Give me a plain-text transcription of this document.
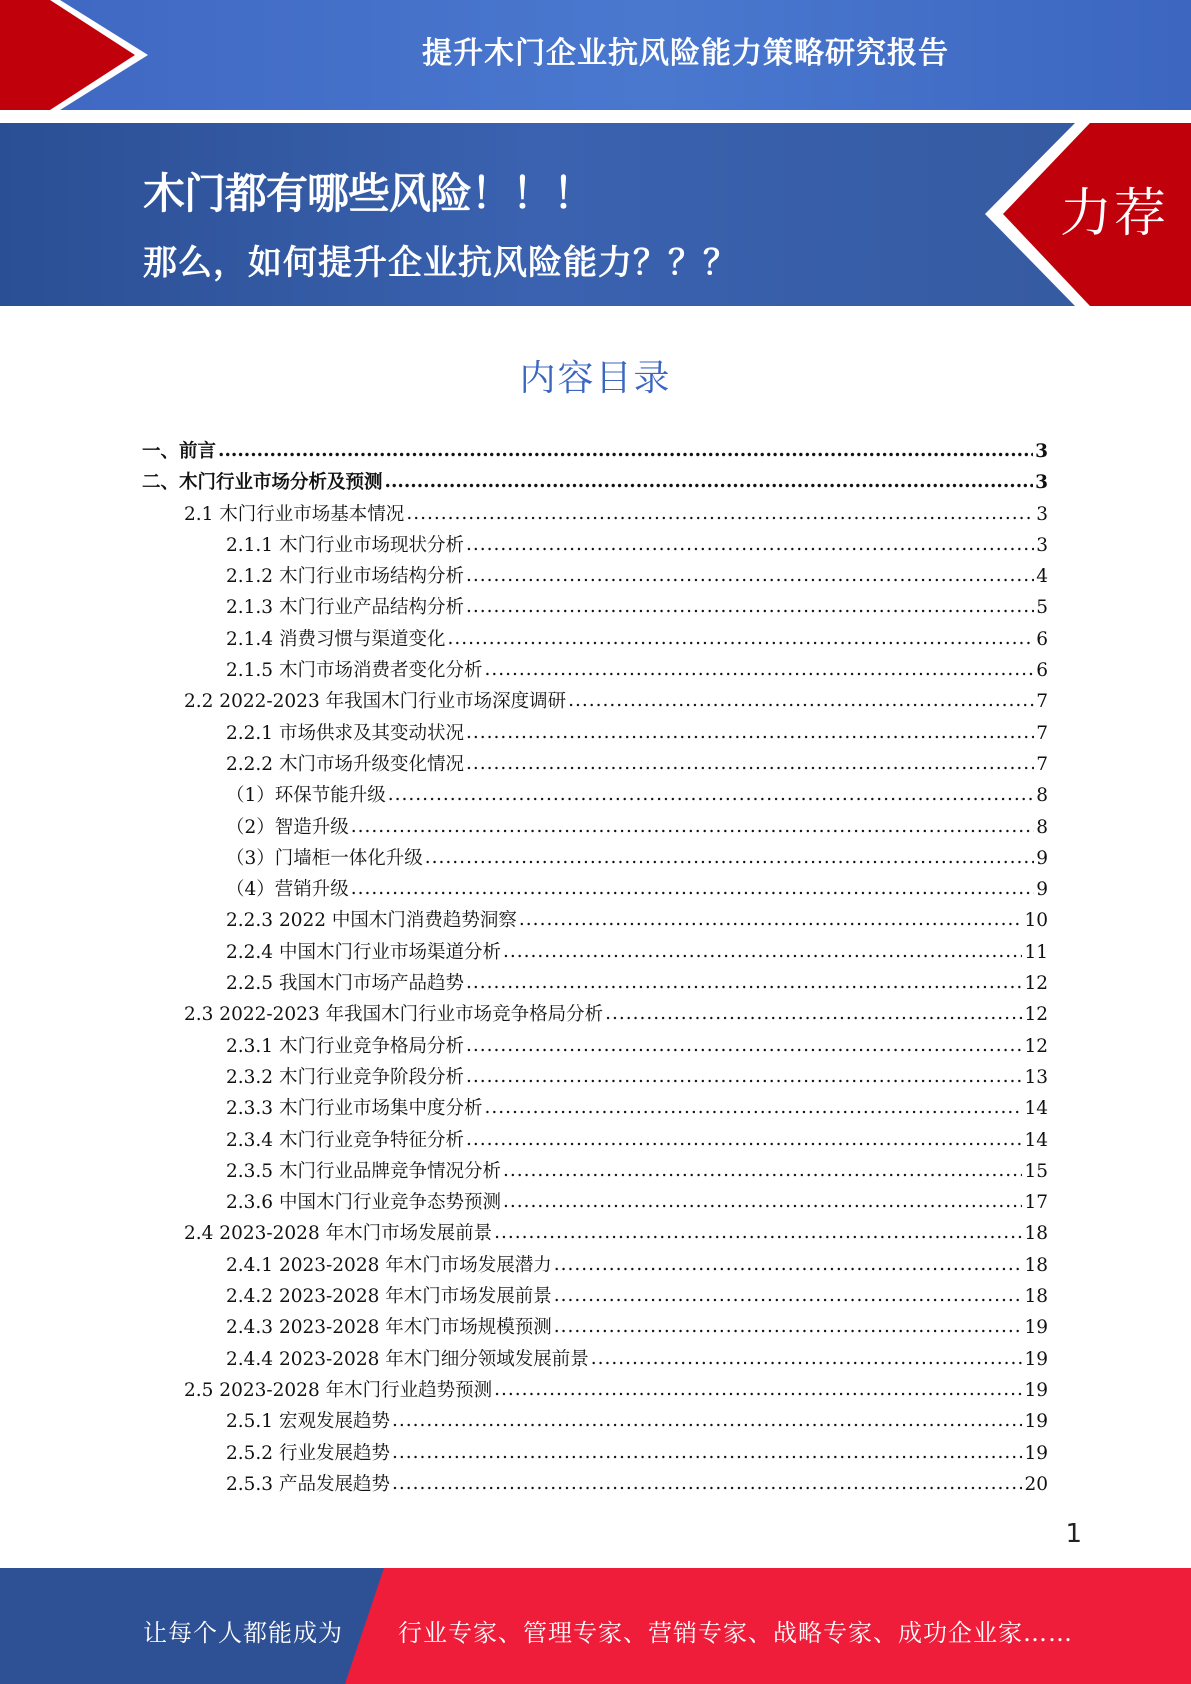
提升木门企业抗风险能力策略研究报告
木门都有哪些风险！！！
那么，如何提升企业抗风险能力？？？
力荐
内容目录
一、前言 .....	3
二、木门行业市场分析及预测 .....	3
2.1 木门行业市场基本情况 .....	3
2.1.1 木门行业市场现状分析 .....	3
2.1.2 木门行业市场结构分析 .....	4
2.1.3 木门行业产品结构分析 .....	5
2.1.4 消费习惯与渠道变化 .....	6
2.1.5 木门市场消费者变化分析 .....	6
2.2 2022-2023 年我国木门行业市场深度调研 .....	7
2.2.1 市场供求及其变动状况 .....	7
2.2.2 木门市场升级变化情况 .....	7
（1）环保节能升级 .....	8
（2）智造升级 .....	8
（3）门墙柜一体化升级 .....	9
（4）营销升级 .....	9
2.2.3 2022 中国木门消费趋势洞察 .....	10
2.2.4 中国木门行业市场渠道分析 .....	11
2.2.5 我国木门市场产品趋势 .....	12
2.3 2022-2023 年我国木门行业市场竞争格局分析 .....	12
2.3.1 木门行业竞争格局分析 .....	12
2.3.2 木门行业竞争阶段分析 .....	13
2.3.3 木门行业市场集中度分析 .....	14
2.3.4 木门行业竞争特征分析 .....	14
2.3.5 木门行业品牌竞争情况分析 .....	15
2.3.6 中国木门行业竞争态势预测 .....	17
2.4 2023-2028 年木门市场发展前景 .....	18
2.4.1 2023-2028 年木门市场发展潜力 .....	18
2.4.2 2023-2028 年木门市场发展前景 .....	18
2.4.3 2023-2028 年木门市场规模预测 .....	19
2.4.4 2023-2028 年木门细分领域发展前景 .....	19
2.5 2023-2028 年木门行业趋势预测 .....	19
2.5.1 宏观发展趋势 .....	19
2.5.2 行业发展趋势 .....	19
2.5.3 产品发展趋势 .....	20
1
让每个人都能成为 行业专家、管理专家、营销专家、战略专家、成功企业家……
